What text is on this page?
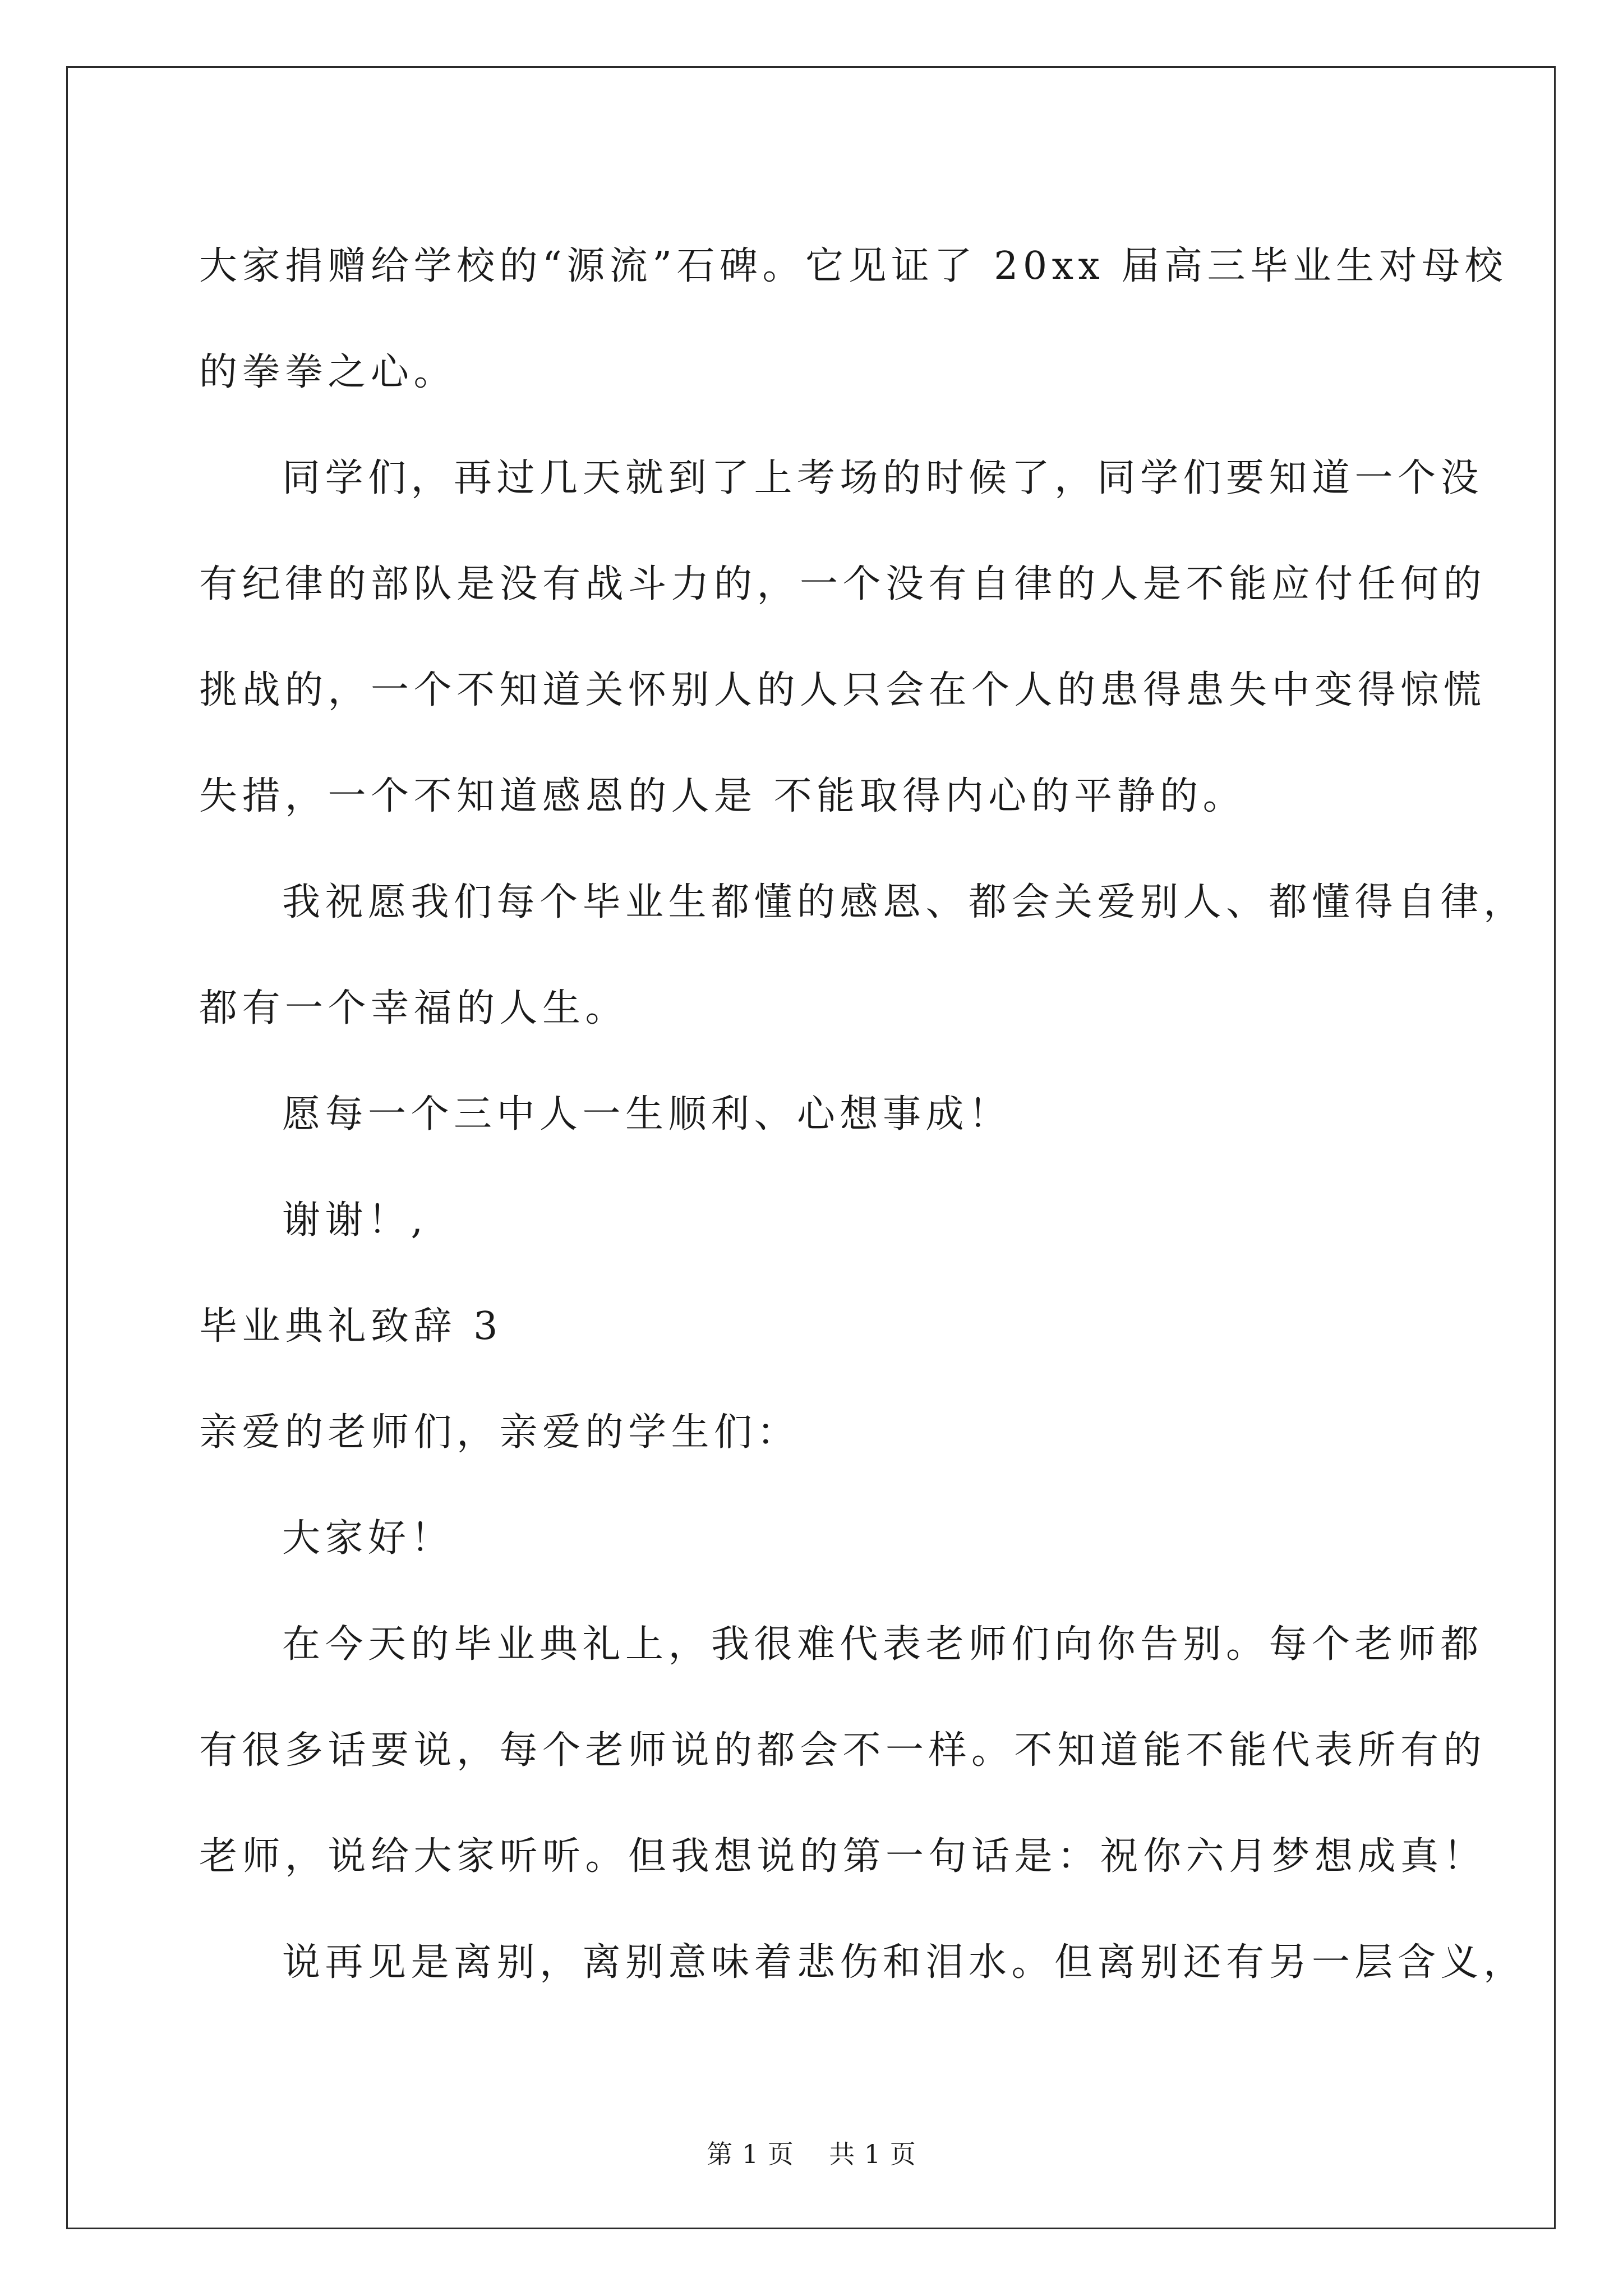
大家捐赠给学校的“源流”石碑。它见证了 20xx 届高三毕业生对母校

的拳拳之心。

同学们，再过几天就到了上考场的时候了，同学们要知道一个没

有纪律的部队是没有战斗力的，一个没有自律的人是不能应付任何的

挑战的，一个不知道关怀别人的人只会在个人的患得患失中变得惊慌

失措，一个不知道感恩的人是 不能取得内心的平静的。

我祝愿我们每个毕业生都懂的感恩、都会关爱别人、都懂得自律，

都有一个幸福的人生。

愿每一个三中人一生顺利、心想事成！

谢谢！,

毕业典礼致辞 3

亲爱的老师们，亲爱的学生们：

大家好！

在今天的毕业典礼上，我很难代表老师们向你告别。每个老师都

有很多话要说，每个老师说的都会不一样。不知道能不能代表所有的

老师，说给大家听听。但我想说的第一句话是：祝你六月梦想成真！

说再见是离别，离别意味着悲伤和泪水。但离别还有另一层含义，

第 1 页    共 1 页
